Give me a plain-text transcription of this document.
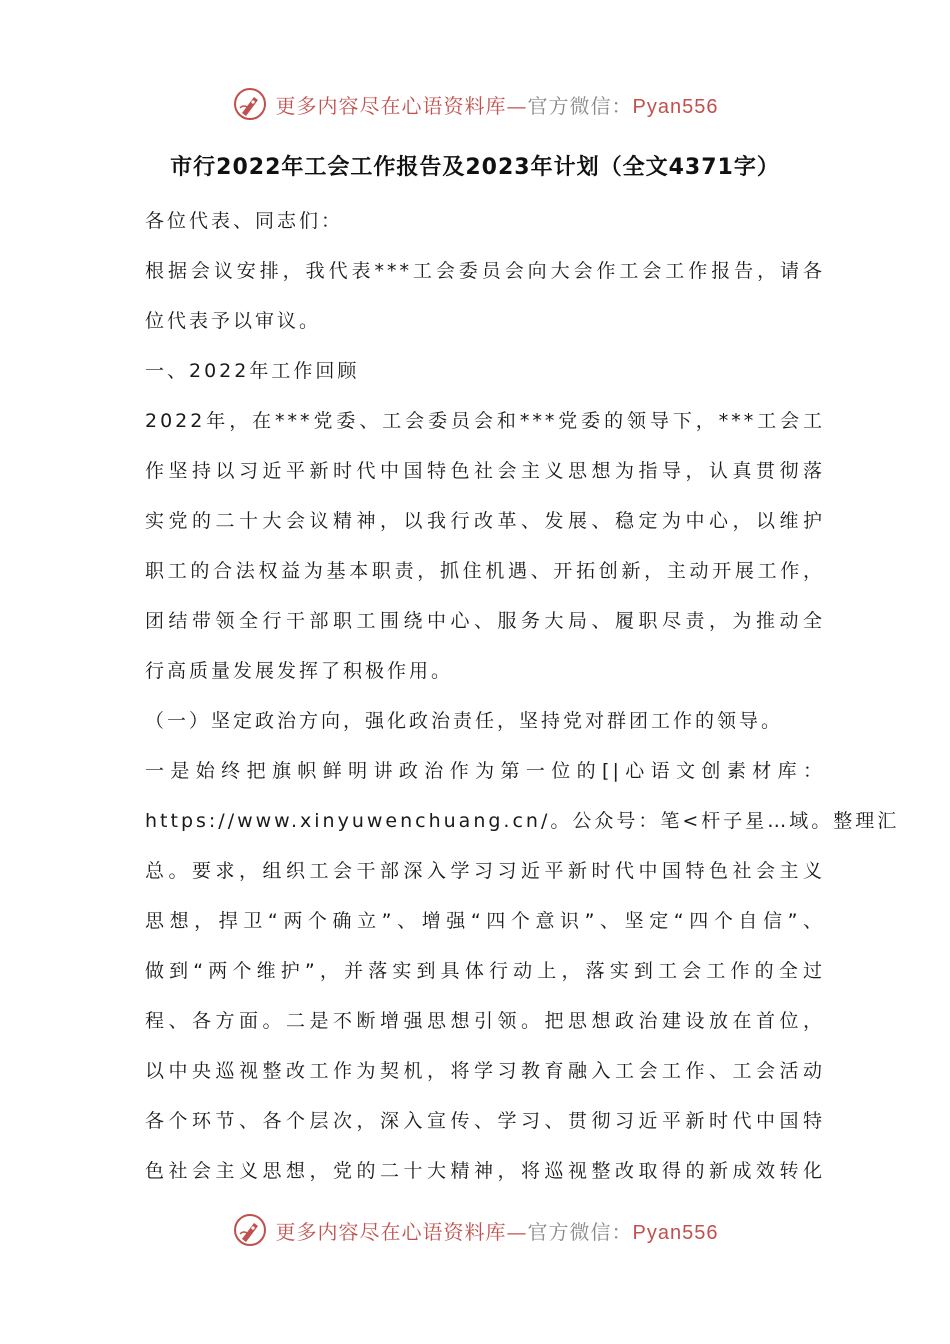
更多内容尽在心语资料库—官方微信：Pyan556
市行2022年工会工作报告及2023年计划（全文4371字）
各位代表、同志们：
根据会议安排，我代表***工会委员会向大会作工会工作报告，请各
位代表予以审议。
一、2022年工作回顾
2022年，在***党委、工会委员会和***党委的领导下，***工会工
作坚持以习近平新时代中国特色社会主义思想为指导，认真贯彻落
实党的二十大会议精神，以我行改革、发展、稳定为中心，以维护
职工的合法权益为基本职责，抓住机遇、开拓创新，主动开展工作，
团结带领全行干部职工围绕中心、服务大局、履职尽责，为推动全
行高质量发展发挥了积极作用。
（一）坚定政治方向，强化政治责任，坚持党对群团工作的领导。
一是始终把旗帜鲜明讲政治作为第一位的[|心语文创素材库：
https://www.xinyuwenchuang.cn/。公众号：笔<杆子星…域。整理汇
总。要求，组织工会干部深入学习习近平新时代中国特色社会主义
思想，捍卫“两个确立”、增强“四个意识”、坚定“四个自信”、
做到“两个维护”，并落实到具体行动上，落实到工会工作的全过
程、各方面。二是不断增强思想引领。把思想政治建设放在首位，
以中央巡视整改工作为契机，将学习教育融入工会工作、工会活动
各个环节、各个层次，深入宣传、学习、贯彻习近平新时代中国特
色社会主义思想，党的二十大精神，将巡视整改取得的新成效转化
更多内容尽在心语资料库—官方微信：Pyan556
